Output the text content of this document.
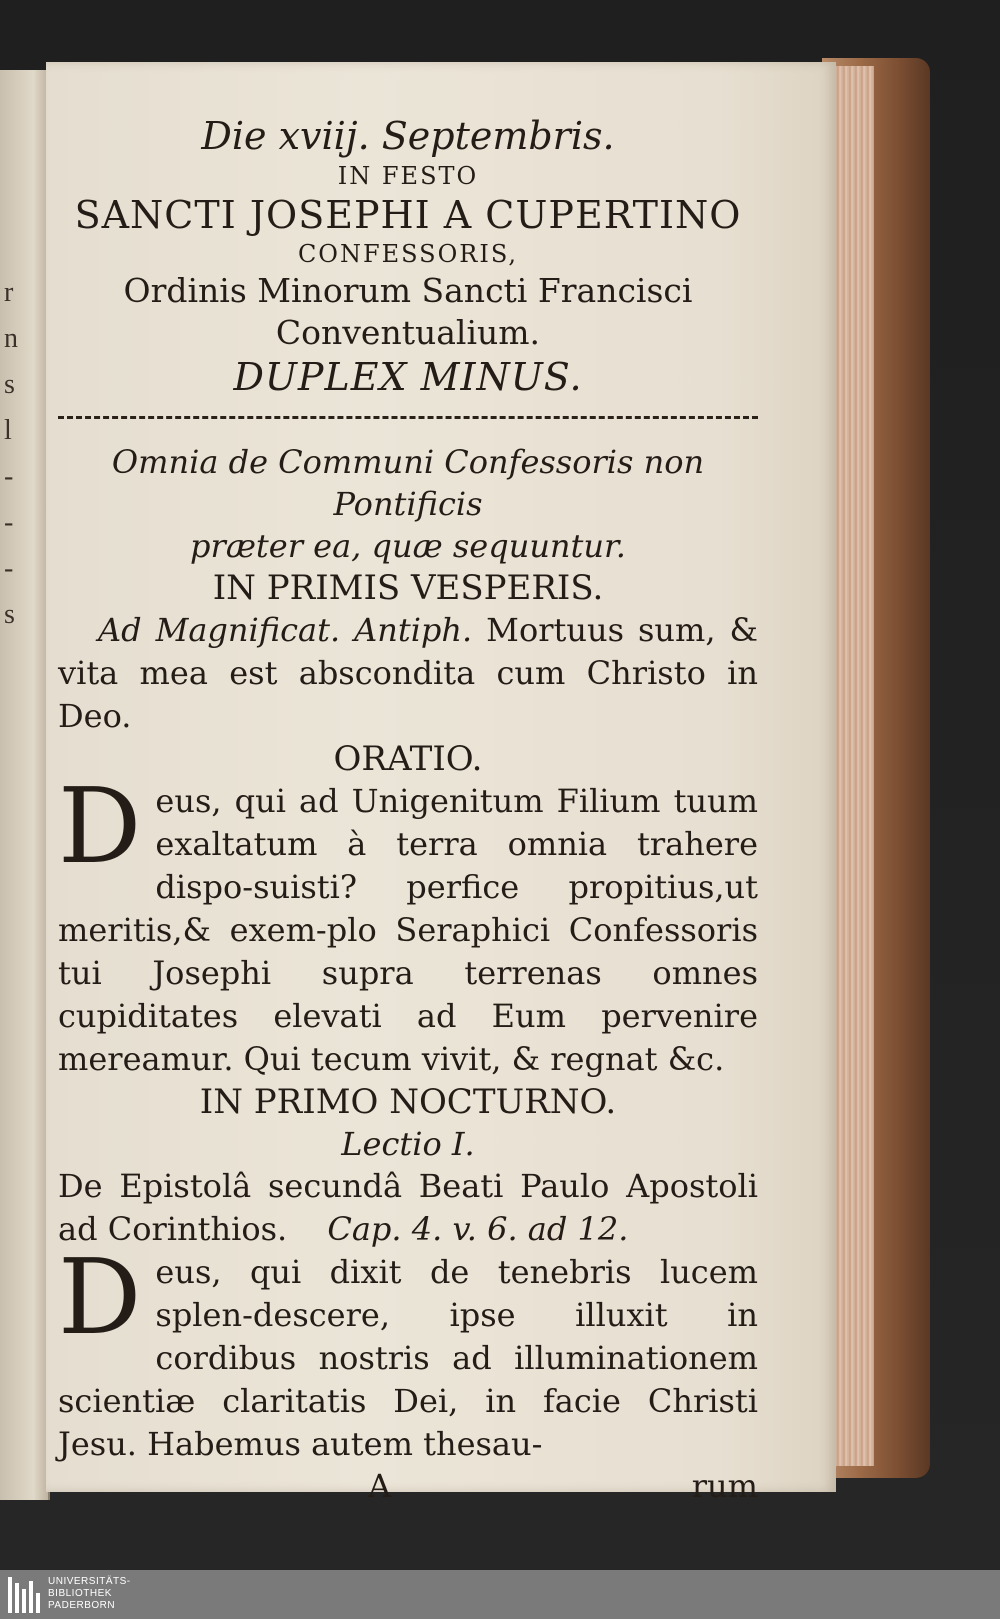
r
n
s
l
-
-
-
s
Die xviij. Septembris.
IN FESTO
SANCTI JOSEPHI A CUPERTINO
CONFESSORIS,
Ordinis Minorum Sancti Francisci
Conventualium.
DUPLEX MINUS.
Omnia de Communi Confessoris non Pontificis
præter ea, quæ sequuntur.
IN PRIMIS VESPERIS.
Ad Magnificat. Antiph. Mortuus sum, & vita mea est abscondita cum Christo in Deo.
ORATIO.
D eus, qui ad Unigenitum Filium tuum exaltatum à terra omnia trahere dispo-suisti? perfice propitius,ut meritis,& exem-plo Seraphici Confessoris tui Josephi supra terrenas omnes cupiditates elevati ad Eum pervenire mereamur. Qui tecum vivit, & regnat &c.
IN PRIMO NOCTURNO.
Lectio I.
De Epistolâ secundâ Beati Paulo Apostoli ad Corinthios. Cap. 4. v. 6. ad 12.
D eus, qui dixit de tenebris lucem splen-descere, ipse illuxit in cordibus nostris ad illuminationem scientiæ claritatis Dei, in facie Christi Jesu. Habemus autem thesau-
A	rum
UNIVERSITÄTS-
BIBLIOTHEK
PADERBORN
